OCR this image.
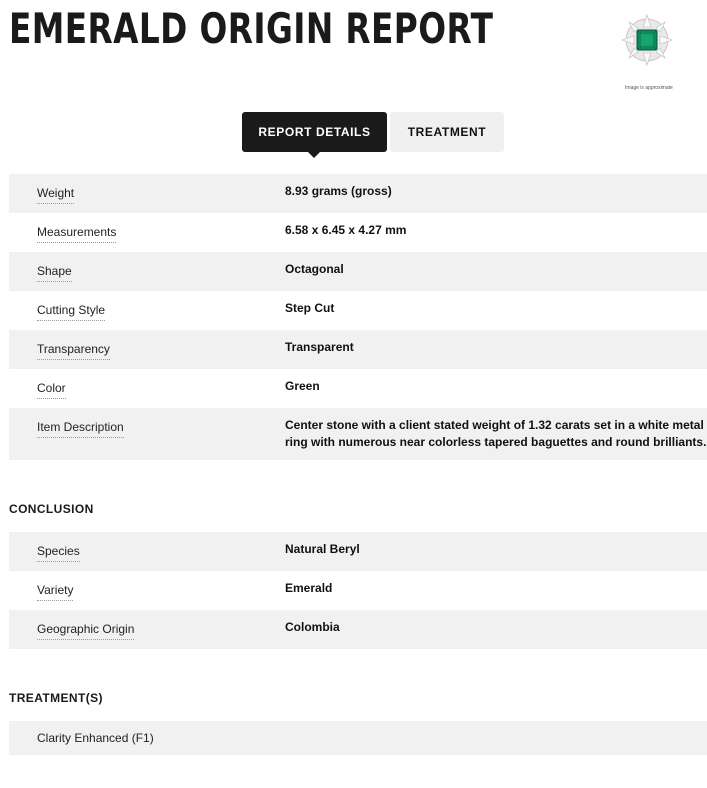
EMERALD ORIGIN REPORT
Image is approximate
REPORT DETAILS	TREATMENT
Weight	8.93 grams (gross)
Measurements	6.58 x 6.45 x 4.27 mm
Shape	Octagonal
Cutting Style	Step Cut
Transparency	Transparent
Color	Green
Item Description	Center stone with a client stated weight of 1.32 carats set in a white metal
ring with numerous near colorless tapered baguettes and round brilliants.
CONCLUSION
Species	Natural Beryl
Variety	Emerald
Geographic Origin	Colombia
TREATMENT(S)
Clarity Enhanced (F1)
